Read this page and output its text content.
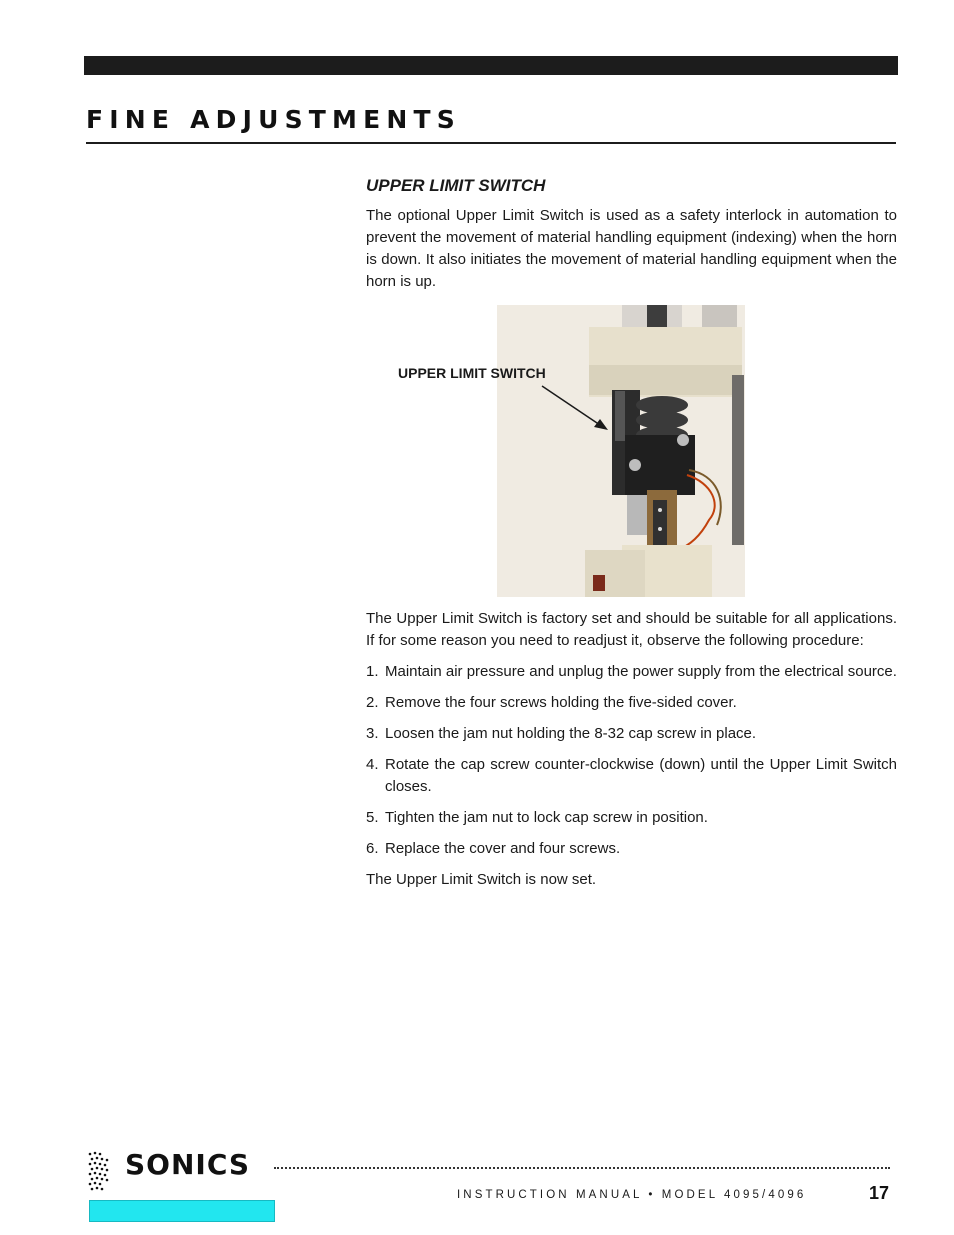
FINE ADJUSTMENTS
UPPER LIMIT SWITCH

The optional Upper Limit Switch is used as a safety interlock in automation to prevent the movement of material handling equipment (indexing) when the horn is down. It also initiates the movement of material handling equipment when the horn is up.

UPPER LIMIT SWITCH

The Upper Limit Switch is factory set and should be suitable for all applications. If for some reason you need to readjust it, observe the following procedure:

1. Maintain air pressure and unplug the power supply from the electrical source.
2. Remove the four screws holding the five-sided cover.
3. Loosen the jam nut holding the 8-32 cap screw in place.
4. Rotate the cap screw counter-clockwise (down) until the Upper Limit Switch closes.
5. Tighten the jam nut to lock cap screw in position.
6. Replace the cover and four screws.

The Upper Limit Switch is now set.

SONICS
INSTRUCTION MANUAL • MODEL 4095/4096	17
